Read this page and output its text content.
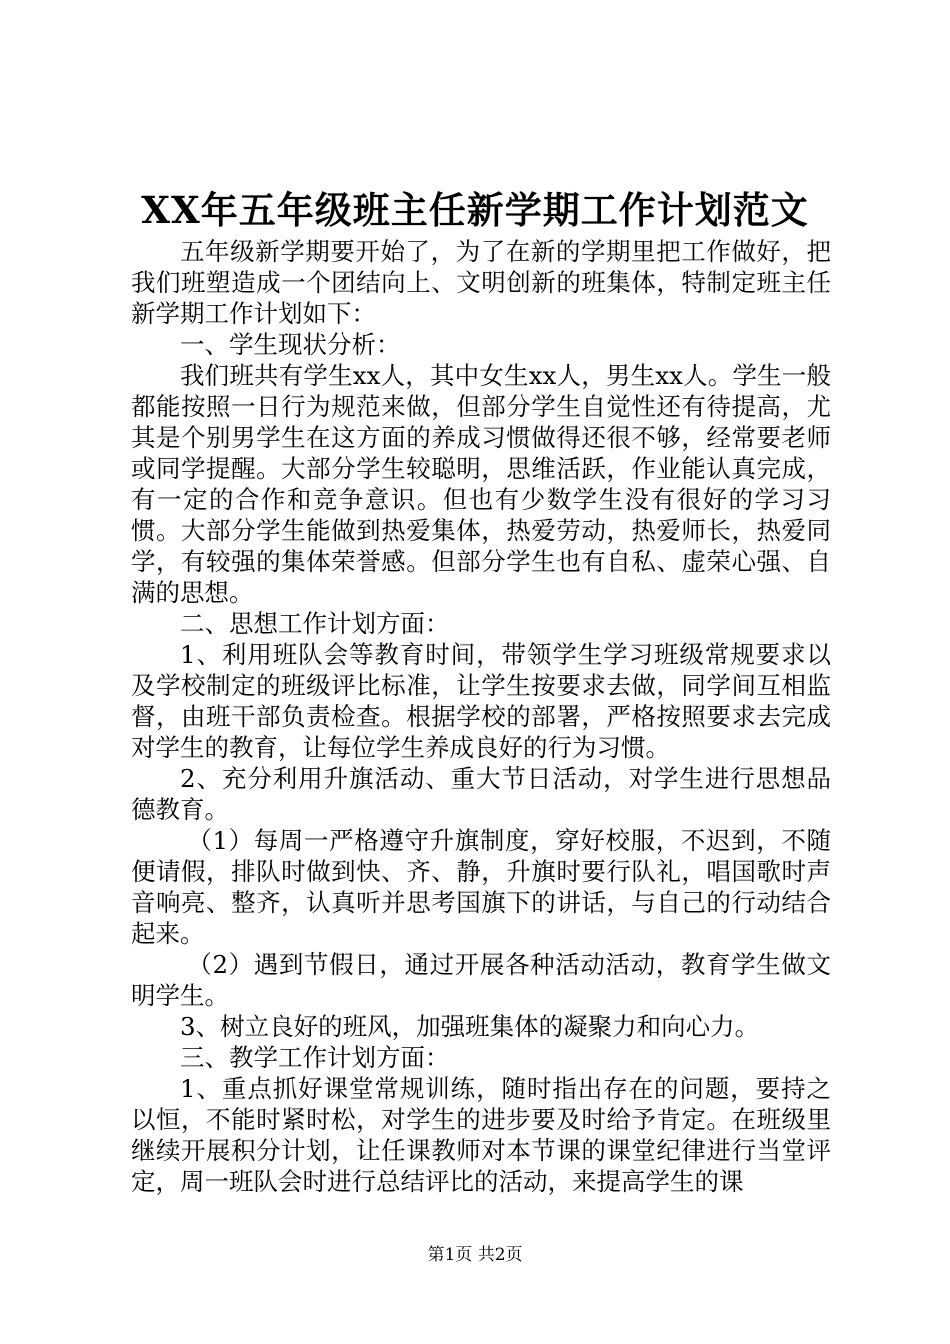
XX年五年级班主任新学期工作计划范文

五年级新学期要开始了，为了在新的学期里把工作做好，把我们班塑造成一个团结向上、文明创新的班集体，特制定班主任新学期工作计划如下：

一、学生现状分析：

我们班共有学生xx人，其中女生xx人，男生xx人。学生一般都能按照一日行为规范来做，但部分学生自觉性还有待提高，尤其是个别男学生在这方面的养成习惯做得还很不够，经常要老师或同学提醒。大部分学生较聪明，思维活跃，作业能认真完成，有一定的合作和竞争意识。但也有少数学生没有很好的学习习惯。大部分学生能做到热爱集体，热爱劳动，热爱师长，热爱同学，有较强的集体荣誉感。但部分学生也有自私、虚荣心强、自满的思想。

二、思想工作计划方面：

1、利用班队会等教育时间，带领学生学习班级常规要求以及学校制定的班级评比标准，让学生按要求去做，同学间互相监督，由班干部负责检查。根据学校的部署，严格按照要求去完成对学生的教育，让每位学生养成良好的行为习惯。

2、充分利用升旗活动、重大节日活动，对学生进行思想品德教育。

（1）每周一严格遵守升旗制度，穿好校服，不迟到，不随便请假，排队时做到快、齐、静，升旗时要行队礼，唱国歌时声音响亮、整齐，认真听并思考国旗下的讲话，与自己的行动结合起来。

（2）遇到节假日，通过开展各种活动活动，教育学生做文明学生。

3、树立良好的班风，加强班集体的凝聚力和向心力。

三、教学工作计划方面：

1、重点抓好课堂常规训练，随时指出存在的问题，要持之以恒，不能时紧时松，对学生的进步要及时给予肯定。在班级里继续开展积分计划，让任课教师对本节课的课堂纪律进行当堂评定，周一班队会时进行总结评比的活动，来提高学生的课

第1页 共2页
